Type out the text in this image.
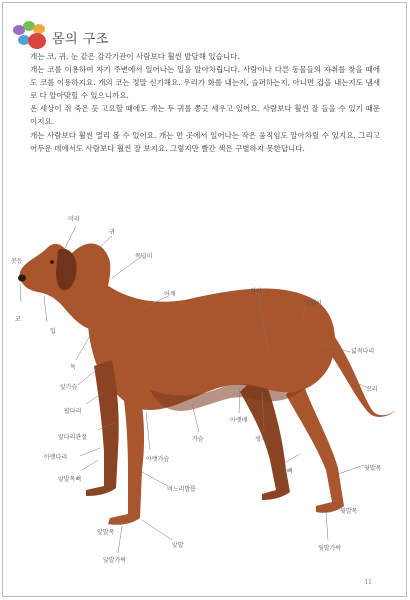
몸의 구조

개는 코, 귀, 눈 같은 감각기관이 사람보다 훨씬 발달해 있습니다.

개는 코를 이용하여 자기 주변에서 일어나는 일을 알아차립니다. 사람이나 다른 동물들의 자취를 찾을 때에도 코를 이용하지요. 개의 코는 정말 신기해요. 우리가 화를 내는지, 슬퍼하는지, 아니면 겁을 내는지도 냄새로 다 알아맞힐 수 있으니까요.

온 세상이 쥐 죽은 듯 고요할 때에도 개는 두 귀를 쫑긋 세우고 있어요. 사람보다 훨씬 잘 들을 수 있기 때문이지요.

개는 사람보다 훨씬 멀리 볼 수 있어요. 개는 먼 곳에서 일어나는 작은 움직임도 알아차릴 수 있지요. 그리고 어두운 데에서도 사람보다 훨씬 잘 보지요. 그렇지만 빨간 색은 구별하지 못한답니다.

머리
귀
목덜미
콧등
어깨	허리
엉덩이
코
입
넓적다리
꼬리
목
앞가슴
팔다리
아랫배
생식기
가슴
앞다리관절
아랫다리	아랫가슴
앞발목뼈
무릎뼈	뒷발목
며느리발톱
뒷발목
앞발목
앞발	뒷발가락
앞발가락
11
